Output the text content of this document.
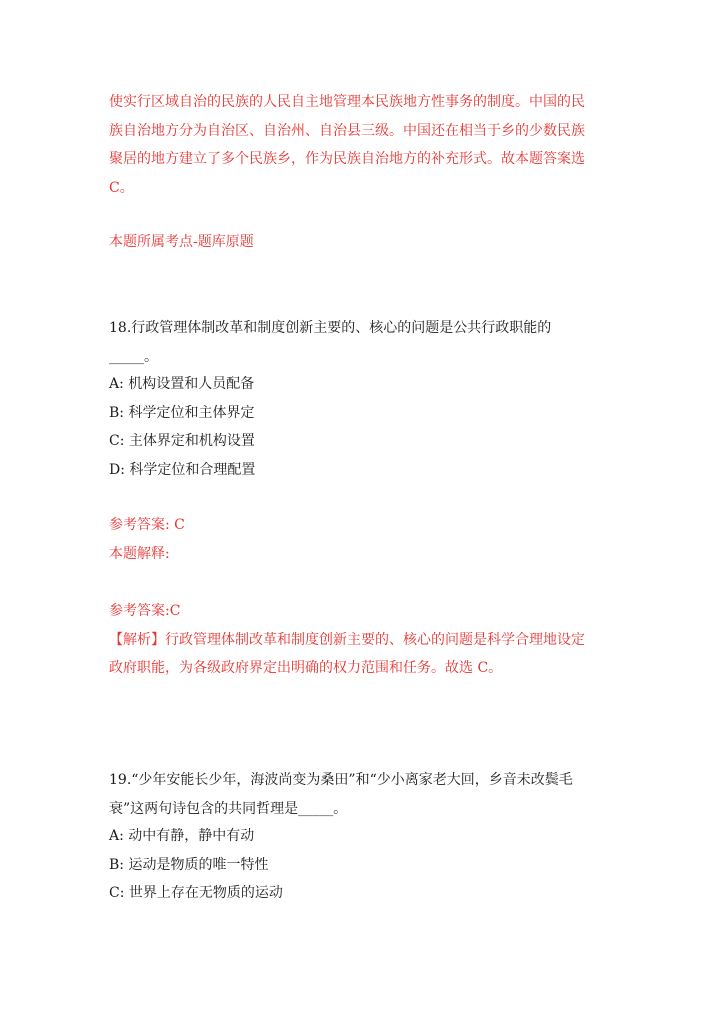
使实行区域自治的民族的人民自主地管理本民族地方性事务的制度。中国的民
族自治地方分为自治区、自治州、自治县三级。中国还在相当于乡的少数民族
聚居的地方建立了多个民族乡，作为民族自治地方的补充形式。故本题答案选
C。
本题所属考点-题库原题
18.行政管理体制改革和制度创新主要的、核心的问题是公共行政职能的
_____。
A: 机构设置和人员配备
B: 科学定位和主体界定
C: 主体界定和机构设置
D: 科学定位和合理配置
参考答案: C
本题解释:
参考答案:C
【解析】行政管理体制改革和制度创新主要的、核心的问题是科学合理地设定
政府职能，为各级政府界定出明确的权力范围和任务。故选 C。
19.“少年安能长少年，海波尚变为桑田”和“少小离家老大回，乡音未改鬓毛
衰”这两句诗包含的共同哲理是_____。
A: 动中有静，静中有动
B: 运动是物质的唯一特性
C: 世界上存在无物质的运动
